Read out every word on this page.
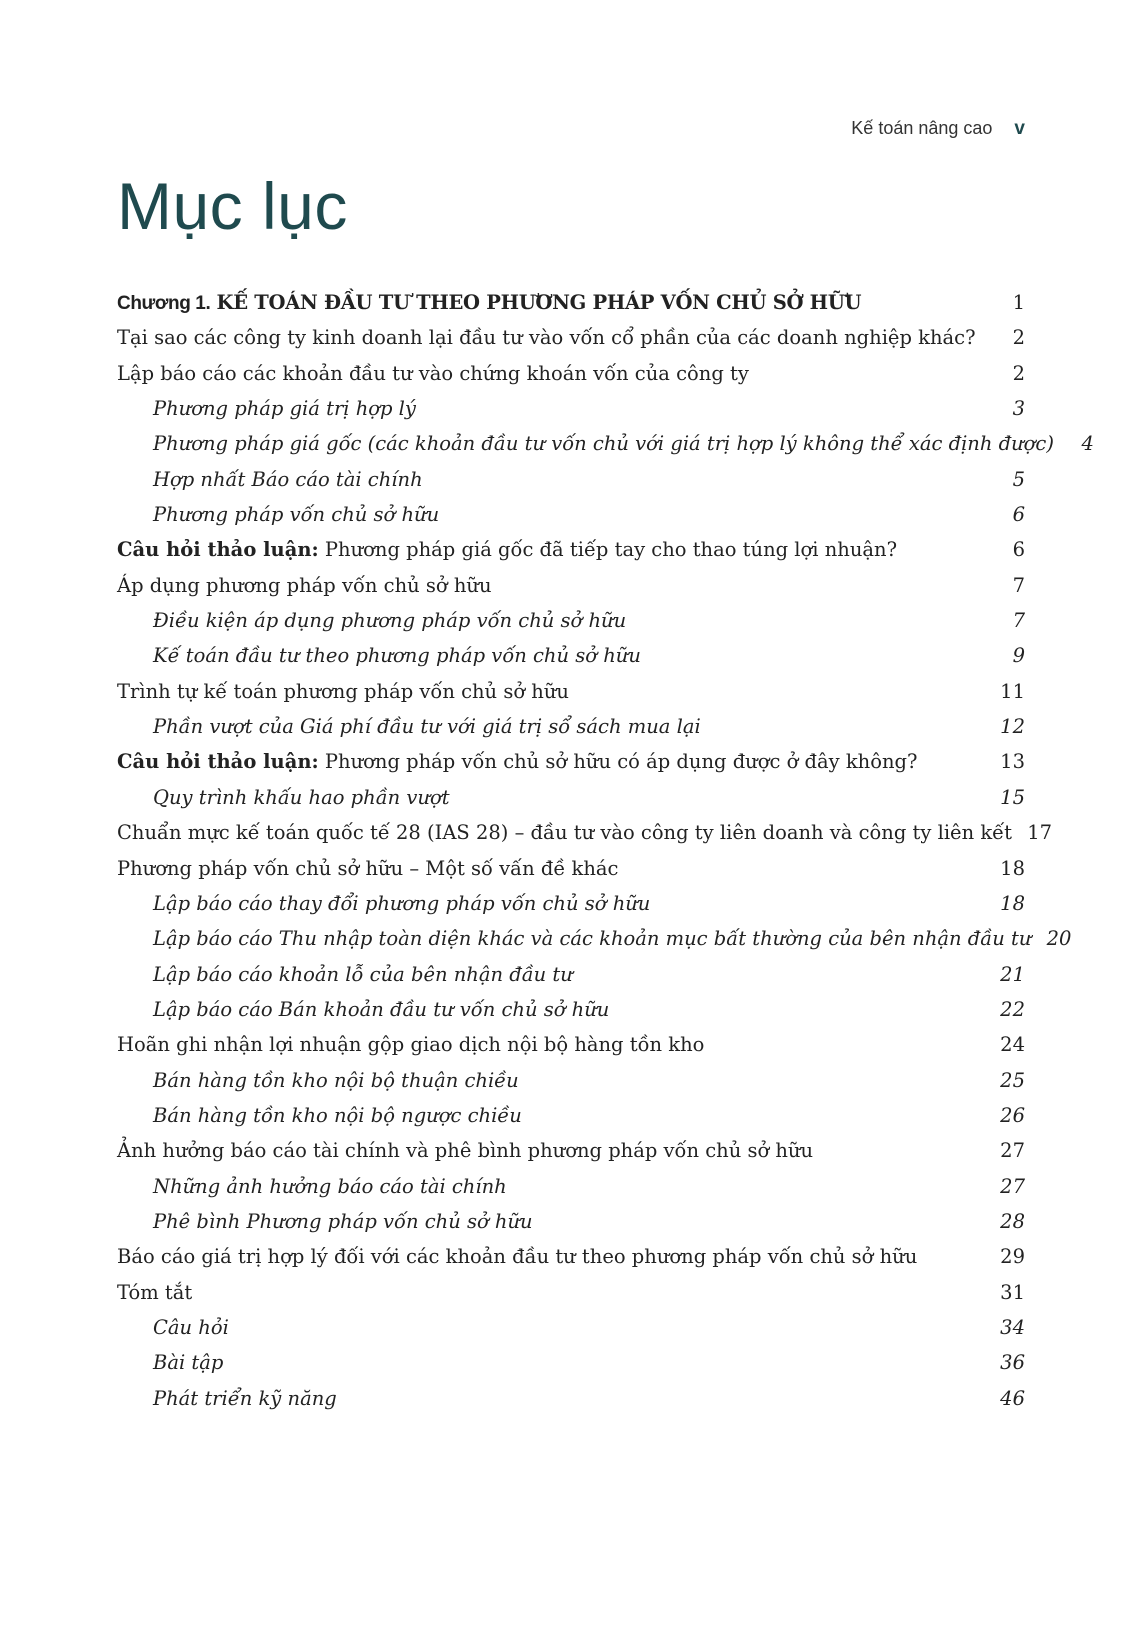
Kế toán nâng cao v
Mục lục
Chương 1. KẾ TOÁN ĐẦU TƯ THEO PHƯƠNG PHÁP VỐN CHỦ SỞ HỮU	1
Tại sao các công ty kinh doanh lại đầu tư vào vốn cổ phần của các doanh nghiệp khác?	2
Lập báo cáo các khoản đầu tư vào chứng khoán vốn của công ty	2
Phương pháp giá trị hợp lý	3
Phương pháp giá gốc (các khoản đầu tư vốn chủ với giá trị hợp lý không thể xác định được)	4
Hợp nhất Báo cáo tài chính	5
Phương pháp vốn chủ sở hữu	6
Câu hỏi thảo luận: Phương pháp giá gốc đã tiếp tay cho thao túng lợi nhuận?	6
Áp dụng phương pháp vốn chủ sở hữu	7
Điều kiện áp dụng phương pháp vốn chủ sở hữu	7
Kế toán đầu tư theo phương pháp vốn chủ sở hữu	9
Trình tự kế toán phương pháp vốn chủ sở hữu	11
Phần vượt của Giá phí đầu tư với giá trị sổ sách mua lại	12
Câu hỏi thảo luận: Phương pháp vốn chủ sở hữu có áp dụng được ở đây không?	13
Quy trình khấu hao phần vượt	15
Chuẩn mực kế toán quốc tế 28 (IAS 28) – đầu tư vào công ty liên doanh và công ty liên kết 17
Phương pháp vốn chủ sở hữu – Một số vấn đề khác	18
Lập báo cáo thay đổi phương pháp vốn chủ sở hữu	18
Lập báo cáo Thu nhập toàn diện khác và các khoản mục bất thường của bên nhận đầu tư 20
Lập báo cáo khoản lỗ của bên nhận đầu tư	21
Lập báo cáo Bán khoản đầu tư vốn chủ sở hữu	22
Hoãn ghi nhận lợi nhuận gộp giao dịch nội bộ hàng tồn kho	24
Bán hàng tồn kho nội bộ thuận chiều	25
Bán hàng tồn kho nội bộ ngược chiều	26
Ảnh hưởng báo cáo tài chính và phê bình phương pháp vốn chủ sở hữu	27
Những ảnh hưởng báo cáo tài chính	27
Phê bình Phương pháp vốn chủ sở hữu	28
Báo cáo giá trị hợp lý đối với các khoản đầu tư theo phương pháp vốn chủ sở hữu	29
Tóm tắt	31
Câu hỏi	34
Bài tập	36
Phát triển kỹ năng	46
